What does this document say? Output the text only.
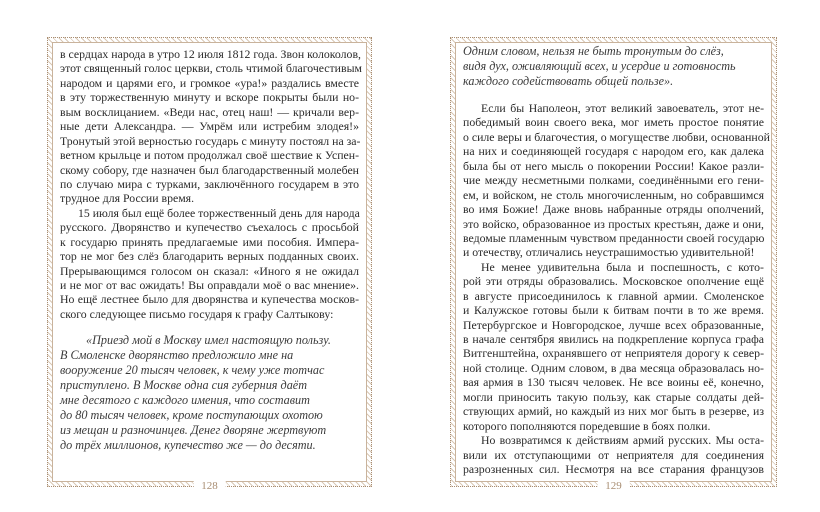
в сердцах народа в утро 12 июля 1812 года. Звон колоколов,
этот священный голос церкви, столь чтимой благочестивым
народом и царями его, и громкое «ура!» раздались вместе
в эту торжественную минуту и вскоре покрыты были но-
вым восклицанием. «Веди нас, отец наш! — кричали вер-
ные дети Александра. — Умрём или истребим злодея!»
Тронутый этой верностью государь с минуту постоял на за-
ветном крыльце и потом продолжал своё шествие к Успен-
скому собору, где назначен был благодарственный молебен
по случаю мира с турками, заключённого государем в это
трудное для России время.
15 июля был ещё более торжественный день для народа
русского. Дворянство и купечество съехалось с просьбой
к государю принять предлагаемые ими пособия. Импера-
тор не мог без слёз благодарить верных подданных своих.
Прерывающимся голосом он сказал: «Иного я не ожидал
и не мог от вас ожидать! Вы оправдали моё о вас мнение».
Но ещё лестнее было для дворянства и купечества москов-
ского следующее письмо государя к графу Салтыкову:
«Приезд мой в Москву имел настоящую пользу.
В Смоленске дворянство предложило мне на
вооружение 20 тысяч человек, к чему уже тотчас
приступлено. В Москве одна сия губерния даёт
мне десятого с каждого имения, что составит
до 80 тысяч человек, кроме поступающих охотою
из мещан и разночинцев. Денег дворяне жертвуют
до трёх миллионов, купечество же — до десяти.
128
Одним словом, нельзя не быть тронутым до слёз,
видя дух, оживляющий всех, и усердие и готовность
каждого содействовать общей пользе».
Если бы Наполеон, этот великий завоеватель, этот не-
победимый воин своего века, мог иметь простое понятие
о силе веры и благочестия, о могуществе любви, основанной
на них и соединяющей государя с народом его, как далека
была бы от него мысль о покорении России! Какое разли-
чие между несметными полками, соединёнными его гени-
ем, и войском, не столь многочисленным, но собравшимся
во имя Божие! Даже вновь набранные отряды ополчений,
это войско, образованное из простых крестьян, даже и они,
ведомые пламенным чувством преданности своей государю
и отечеству, отличались неустрашимостью удивительной!
Не менее удивительна была и поспешность, с кото-
рой эти отряды образовались. Московское ополчение ещё
в августе присоединилось к главной армии. Смоленское
и Калужское готовы были к битвам почти в то же время.
Петербургское и Новгородское, лучше всех образованные,
в начале сентября явились на подкрепление корпуса графа
Витгенштейна, охранявшего от неприятеля дорогу к север-
ной столице. Одним словом, в два месяца образовалась но-
вая армия в 130 тысяч человек. Не все воины её, конечно,
могли приносить такую пользу, как старые солдаты дей-
ствующих армий, но каждый из них мог быть в резерве, из
которого пополняются поредевшие в боях полки.
Но возвратимся к действиям армий русских. Мы оста-
вили их отступающими от неприятеля для соединения
разрозненных сил. Несмотря на все старания французов
129
